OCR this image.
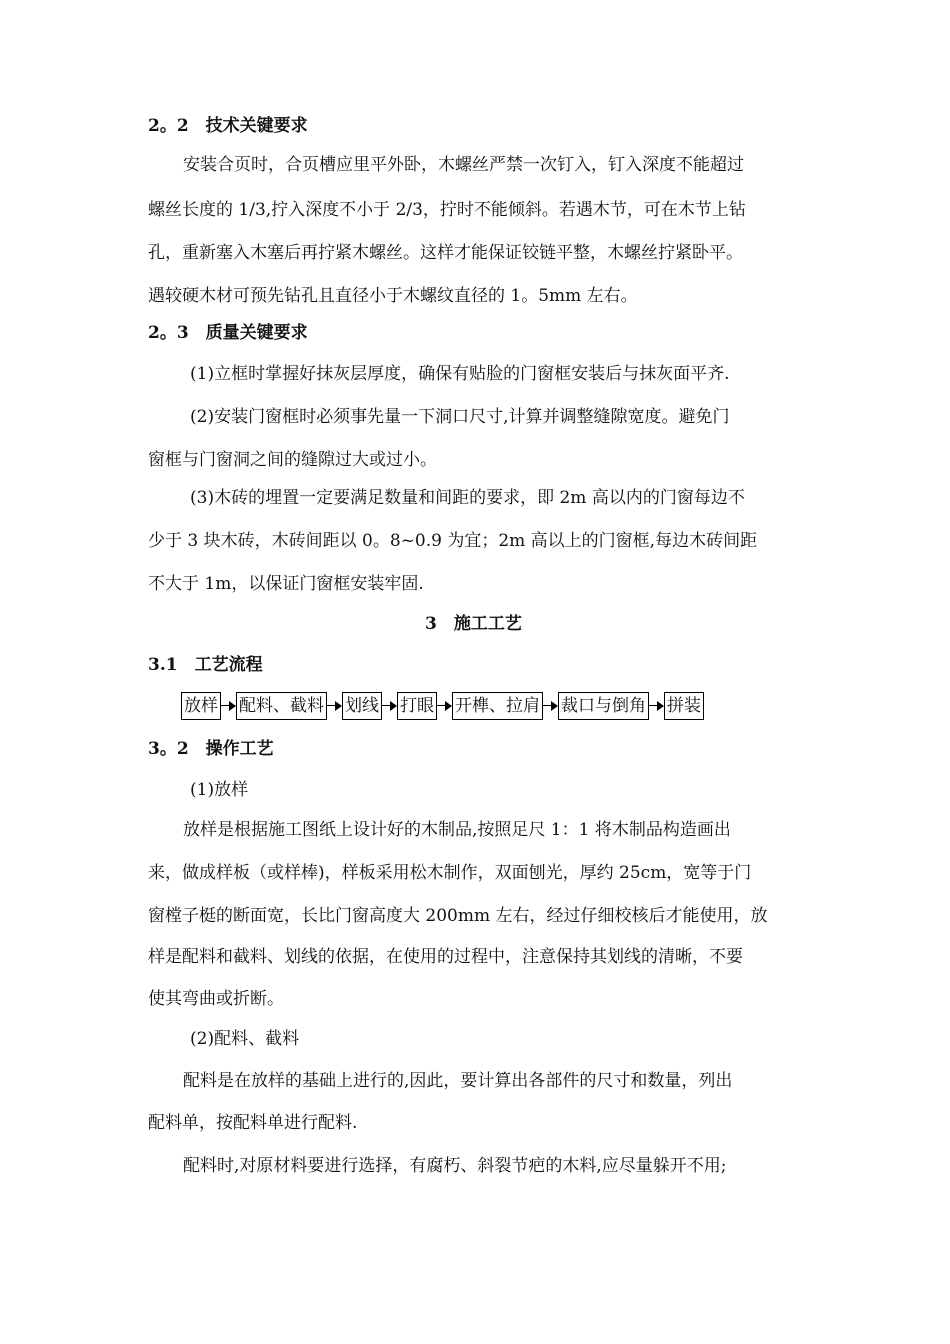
2。2　技术关键要求
安装合页时，合页槽应里平外卧，木螺丝严禁一次钉入，钉入深度不能超过
螺丝长度的 1/3,拧入深度不小于 2/3，拧时不能倾斜。若遇木节，可在木节上钻
孔，重新塞入木塞后再拧紧木螺丝。这样才能保证铰链平整，木螺丝拧紧卧平。
遇较硬木材可预先钻孔且直径小于木螺纹直径的 1。5mm 左右。
2。3　质量关键要求
(1)立框时掌握好抹灰层厚度，确保有贴脸的门窗框安装后与抹灰面平齐.
(2)安装门窗框时必须事先量一下洞口尺寸,计算并调整缝隙宽度。避免门
窗框与门窗洞之间的缝隙过大或过小。
(3)木砖的埋置一定要满足数量和间距的要求，即 2m 高以内的门窗每边不
少于 3 块木砖，木砖间距以 0。8~0.9 为宜；2m 高以上的门窗框,每边木砖间距
不大于 1m，以保证门窗框安装牢固.
3　施工工艺
3.1　工艺流程
放样 配料、截料 划线 打眼 开榫、拉肩 裁口与倒角 拼装
3。2　操作工艺
(1)放样
放样是根据施工图纸上设计好的木制品,按照足尺 1：1 将木制品构造画出
来，做成样板（或样棒)，样板采用松木制作，双面刨光，厚约 25cm，宽等于门
窗樘子梃的断面宽，长比门窗高度大 200mm 左右，经过仔细校核后才能使用，放
样是配料和截料、划线的依据，在使用的过程中，注意保持其划线的清晰，不要
使其弯曲或折断。
(2)配料、截料
配料是在放样的基础上进行的,因此，要计算出各部件的尺寸和数量，列出
配料单，按配料单进行配料.
配料时,对原材料要进行选择，有腐朽、斜裂节疤的木料,应尽量躲开不用;
